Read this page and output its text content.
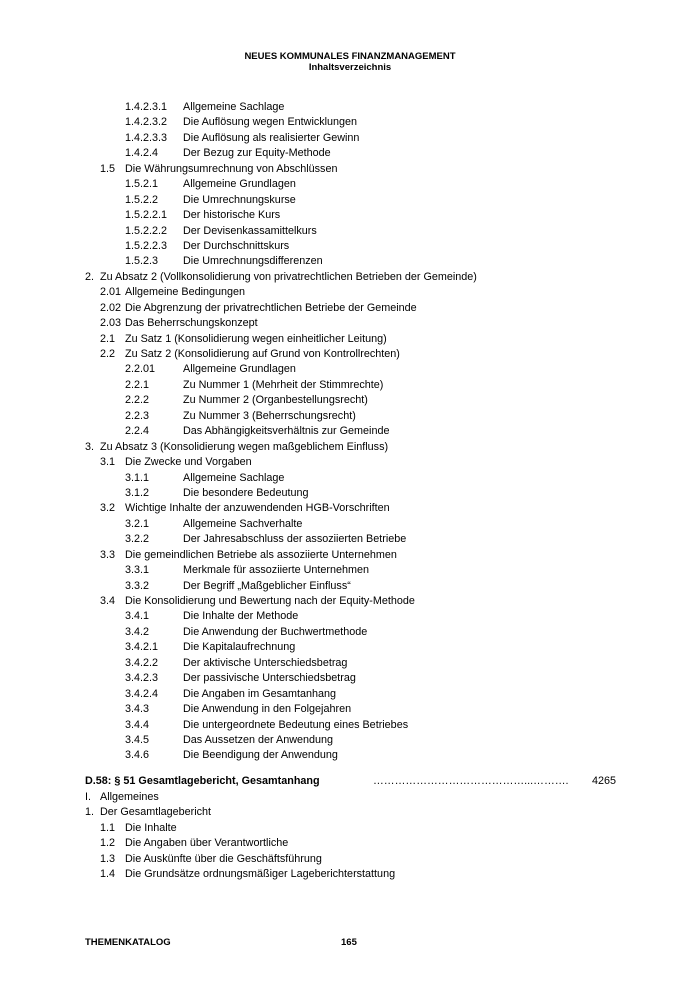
NEUES KOMMUNALES FINANZMANAGEMENT
Inhaltsverzeichnis
1.4.2.3.1 Allgemeine Sachlage
1.4.2.3.2 Die Auflösung wegen Entwicklungen
1.4.2.3.3 Die Auflösung als realisierter Gewinn
1.4.2.4 Der Bezug zur Equity-Methode
1.5 Die Währungsumrechnung von Abschlüssen
1.5.2.1 Allgemeine Grundlagen
1.5.2.2 Die Umrechnungskurse
1.5.2.2.1 Der historische Kurs
1.5.2.2.2 Der Devisenkassamittelkurs
1.5.2.2.3 Der Durchschnittskurs
1.5.2.3 Die Umrechnungsdifferenzen
2. Zu Absatz 2 (Vollkonsolidierung von privatrechtlichen Betrieben der Gemeinde)
2.01 Allgemeine Bedingungen
2.02 Die Abgrenzung der privatrechtlichen Betriebe der Gemeinde
2.03 Das Beherrschungskonzept
2.1 Zu Satz 1 (Konsolidierung wegen einheitlicher Leitung)
2.2 Zu Satz 2 (Konsolidierung auf Grund von Kontrollrechten)
2.2.01	Allgemeine Grundlagen
2.2.1	Zu Nummer 1 (Mehrheit der Stimmrechte)
2.2.2	Zu Nummer 2 (Organbestellungsrecht)
2.2.3	Zu Nummer 3 (Beherrschungsrecht)
2.2.4	Das Abhängigkeitsverhältnis zur Gemeinde
3. Zu Absatz 3 (Konsolidierung wegen maßgeblichem Einfluss)
3.1 Die Zwecke und Vorgaben
3.1.1	Allgemeine Sachlage
3.1.2	Die besondere Bedeutung
3.2 Wichtige Inhalte der anzuwendenden HGB-Vorschriften
3.2.1	Allgemeine Sachverhalte
3.2.2	Der Jahresabschluss der assoziierten Betriebe
3.3 Die gemeindlichen Betriebe als assoziierte Unternehmen
3.3.1	Merkmale für assoziierte Unternehmen
3.3.2	Der Begriff „Maßgeblicher Einfluss“
3.4 Die Konsolidierung und Bewertung nach der Equity-Methode
3.4.1	Die Inhalte der Methode
3.4.2	Die Anwendung der Buchwertmethode
3.4.2.1 Die Kapitalaufrechnung
3.4.2.2 Der aktivische Unterschiedsbetrag
3.4.2.3 Der passivische Unterschiedsbetrag
3.4.2.4 Die Angaben im Gesamtanhang
3.4.3	Die Anwendung in den Folgejahren
3.4.4	Die untergeordnete Bedeutung eines Betriebes
3.4.5	Das Aussetzen der Anwendung
3.4.6	Die Beendigung der Anwendung
D.58: § 51 Gesamtlagebericht, Gesamtanhang	……………………………………...………. 4265
I. Allgemeines
1. Der Gesamtlagebericht
1.1 Die Inhalte
1.2 Die Angaben über Verantwortliche
1.3 Die Auskünfte über die Geschäftsführung
1.4 Die Grundsätze ordnungsmäßiger Lageberichterstattung
THEMENKATALOG	165
